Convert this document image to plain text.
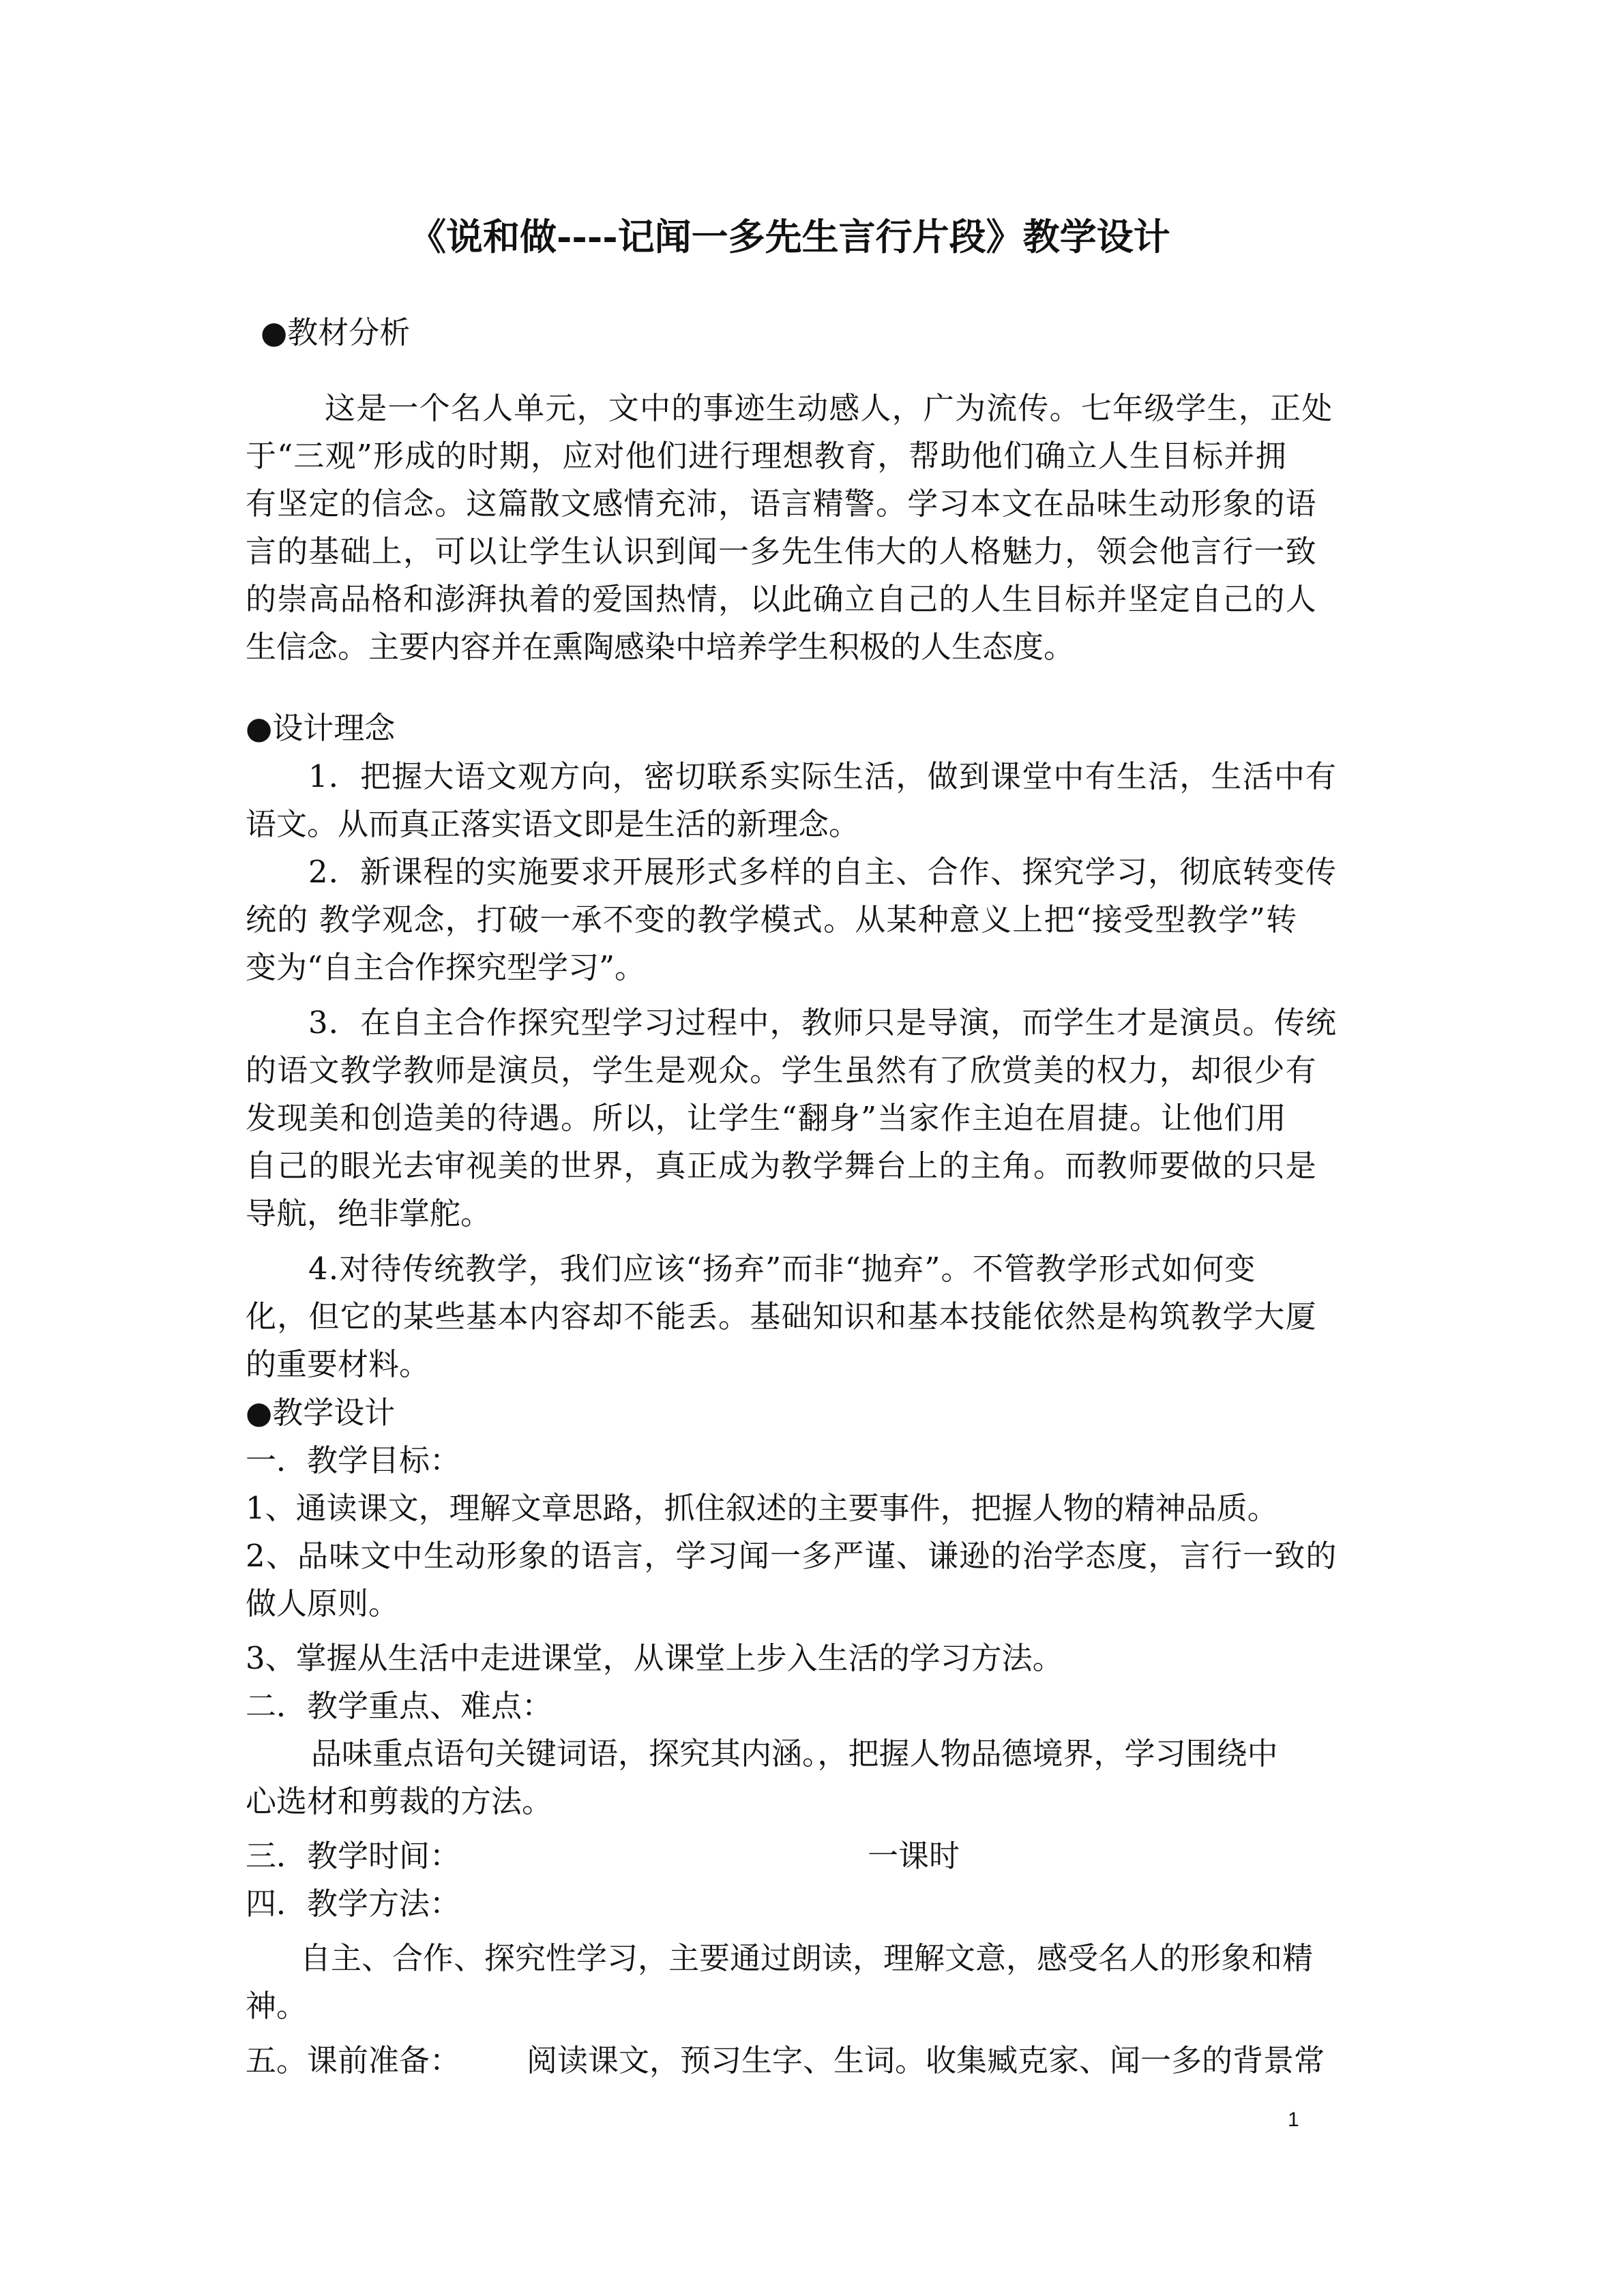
《说和做----记闻一多先生言行片段》教学设计

●教材分析

这是一个名人单元，文中的事迹生动感人，广为流传。七年级学生，正处

于“三观”形成的时期，应对他们进行理想教育，帮助他们确立人生目标并拥

有坚定的信念。这篇散文感情充沛，语言精警。学习本文在品味生动形象的语

言的基础上，可以让学生认识到闻一多先生伟大的人格魅力，领会他言行一致

的崇高品格和澎湃执着的爱国热情，以此确立自己的人生目标并坚定自己的人

生信念。主要内容并在熏陶感染中培养学生积极的人生态度。

●设计理念

1．把握大语文观方向，密切联系实际生活，做到课堂中有生活，生活中有

语文。从而真正落实语文即是生活的新理念。

2．新课程的实施要求开展形式多样的自主、合作、探究学习，彻底转变传

统的 教学观念，打破一承不变的教学模式。从某种意义上把“接受型教学”转

变为“自主合作探究型学习”。

3．在自主合作探究型学习过程中，教师只是导演，而学生才是演员。传统

的语文教学教师是演员，学生是观众。学生虽然有了欣赏美的权力，却很少有

发现美和创造美的待遇。所以，让学生“翻身”当家作主迫在眉捷。让他们用

自己的眼光去审视美的世界，真正成为教学舞台上的主角。而教师要做的只是

导航，绝非掌舵。

4.对待传统教学，我们应该“扬弃”而非“抛弃”。不管教学形式如何变

化，但它的某些基本内容却不能丢。基础知识和基本技能依然是构筑教学大厦

的重要材料。

●教学设计

一．教学目标：

1、通读课文，理解文章思路，抓住叙述的主要事件，把握人物的精神品质。

2、品味文中生动形象的语言，学习闻一多严谨、谦逊的治学态度，言行一致的

做人原则。

3、掌握从生活中走进课堂，从课堂上步入生活的学习方法。

二．教学重点、难点：

品味重点语句关键词语，探究其内涵。，把握人物品德境界，学习围绕中

心选材和剪裁的方法。

三．教学时间：	一课时

四．教学方法：

自主、合作、探究性学习，主要通过朗读，理解文意，感受名人的形象和精

神。

五。课前准备： 阅读课文，预习生字、生词。收集臧克家、闻一多的背景常

1
